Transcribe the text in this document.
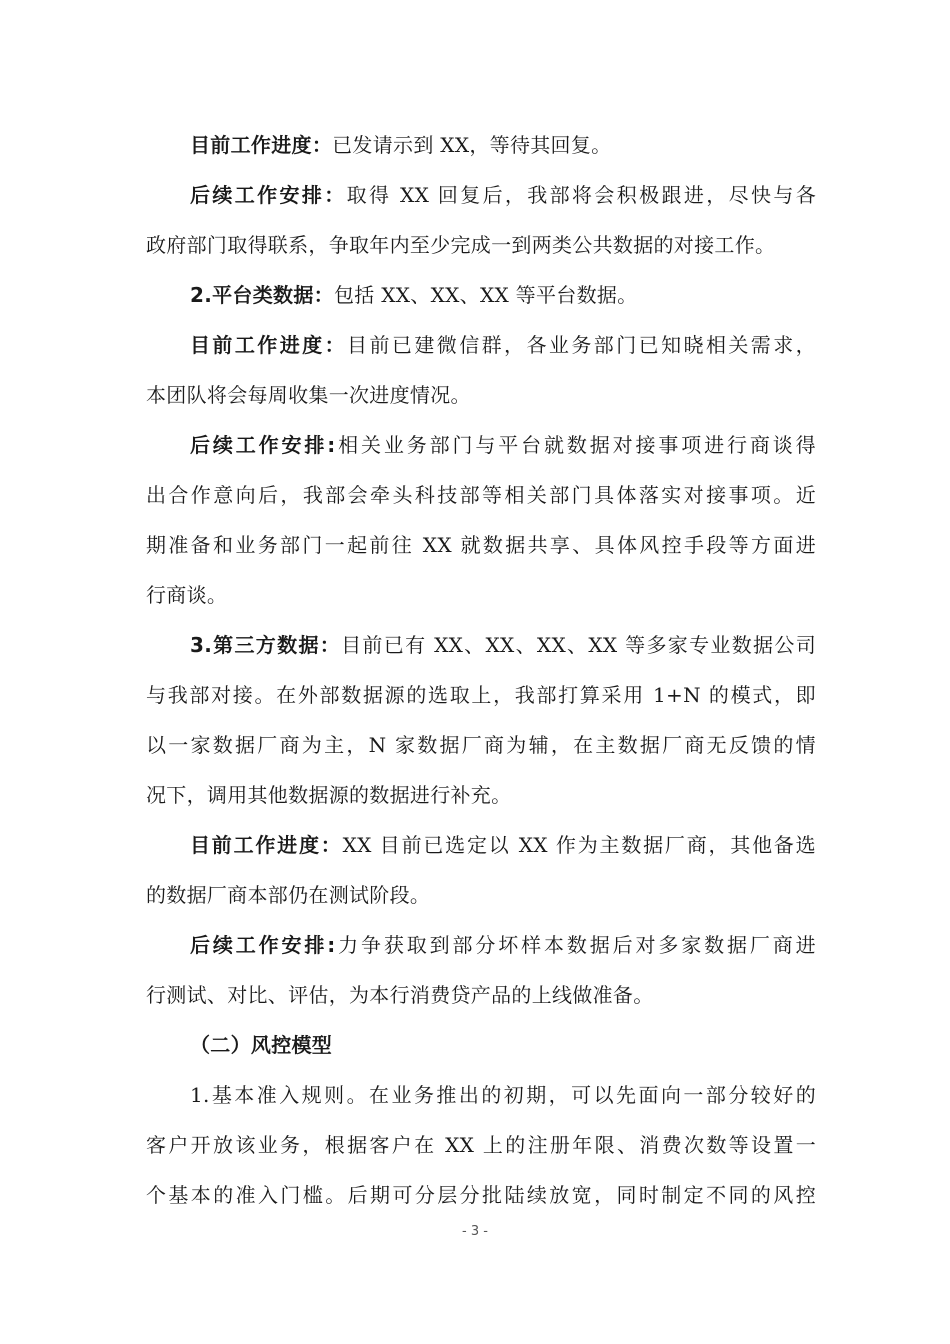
目前工作进度：已发请示到 XX，等待其回复。
后续工作安排：取得 XX 回复后，我部将会积极跟进，尽快与各
政府部门取得联系，争取年内至少完成一到两类公共数据的对接工作。
2.平台类数据：包括 XX、XX、XX 等平台数据。
目前工作进度：目前已建微信群，各业务部门已知晓相关需求，
本团队将会每周收集一次进度情况。
后续工作安排:相关业务部门与平台就数据对接事项进行商谈得
出合作意向后，我部会牵头科技部等相关部门具体落实对接事项。近
期准备和业务部门一起前往 XX 就数据共享、具体风控手段等方面进
行商谈。
3.第三方数据：目前已有 XX、XX、XX、XX 等多家专业数据公司
与我部对接。在外部数据源的选取上，我部打算采用 1+N 的模式，即
以一家数据厂商为主，N 家数据厂商为辅，在主数据厂商无反馈的情
况下，调用其他数据源的数据进行补充。
目前工作进度：XX 目前已选定以 XX 作为主数据厂商，其他备选
的数据厂商本部仍在测试阶段。
后续工作安排:力争获取到部分坏样本数据后对多家数据厂商进
行测试、对比、评估，为本行消费贷产品的上线做准备。
（二）风控模型
1.基本准入规则。在业务推出的初期，可以先面向一部分较好的
客户开放该业务，根据客户在 XX 上的注册年限、消费次数等设置一
个基本的准入门槛。后期可分层分批陆续放宽，同时制定不同的风控
- 3 -
